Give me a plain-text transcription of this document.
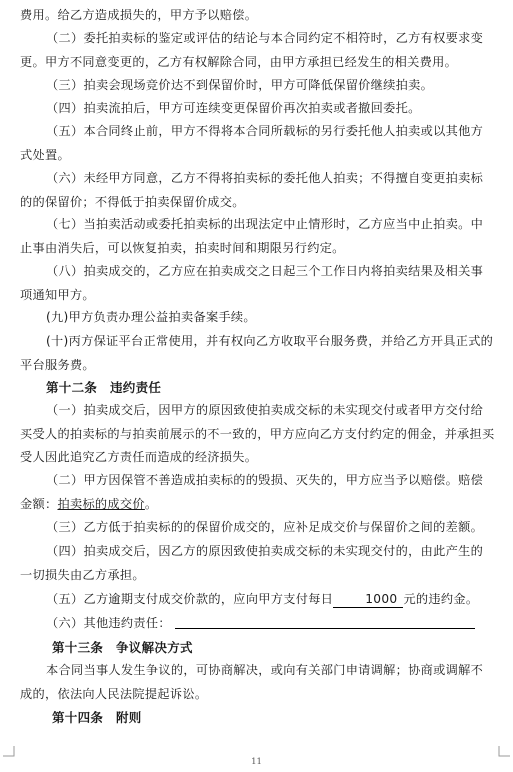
费用。给乙方造成损失的，甲方予以赔偿。
（二）委托拍卖标的鉴定或评估的结论与本合同约定不相符时，乙方有权要求变更。甲方不同意变更的，乙方有权解除合同，由甲方承担已经发生的相关费用。
（三）拍卖会现场竞价达不到保留价时，甲方可降低保留价继续拍卖。
（四）拍卖流拍后，甲方可连续变更保留价再次拍卖或者撤回委托。
（五）本合同终止前，甲方不得将本合同所载标的另行委托他人拍卖或以其他方式处置。
（六）未经甲方同意，乙方不得将拍卖标的委托他人拍卖；不得擅自变更拍卖标的的保留价；不得低于拍卖保留价成交。
（七）当拍卖活动或委托拍卖标的出现法定中止情形时，乙方应当中止拍卖。中止事由消失后，可以恢复拍卖，拍卖时间和期限另行约定。
（八）拍卖成交的，乙方应在拍卖成交之日起三个工作日内将拍卖结果及相关事项通知甲方。
(九)甲方负责办理公益拍卖备案手续。
(十)丙方保证平台正常使用，并有权向乙方收取平台服务费，并给乙方开具正式的平台服务费。
第十二条　违约责任
（一）拍卖成交后，因甲方的原因致使拍卖成交标的未实现交付或者甲方交付给买受人的拍卖标的与拍卖前展示的不一致的，甲方应向乙方支付约定的佣金，并承担买受人因此追究乙方责任而造成的经济损失。
（二）甲方因保管不善造成拍卖标的的毁损、灭失的，甲方应当予以赔偿。赔偿金额：拍卖标的成交价。
（三）乙方低于拍卖标的的保留价成交的，应补足成交价与保留价之间的差额。
（四）拍卖成交后，因乙方的原因致使拍卖成交标的未实现交付的，由此产生的一切损失由乙方承担。
（五）乙方逾期支付成交价款的，应向甲方支付每日	1000 元的违约金。
（六）其他违约责任：
第十三条　争议解决方式
本合同当事人发生争议的，可协商解决，或向有关部门申请调解；协商或调解不成的，依法向人民法院提起诉讼。
第十四条　附则
11
